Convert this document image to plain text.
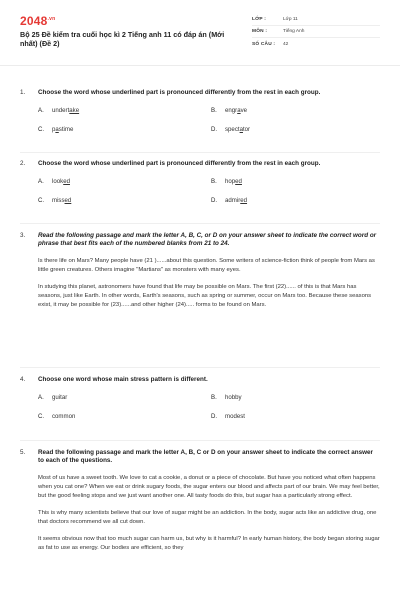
$2048^{.vn}$
Bộ 25 Đề kiểm tra cuối học kì 2 Tiếng anh 11 có đáp án (Mới nhất) (Đề 2)
LỚP :	Lớp 11
MÔN :	Tiếng Anh
SỐ CÂU :	42
1.	Choose the word whose underlined part is pronounced differently from the rest in each group.
A.	undertake	B.	engrave
C.	pastime	D.	spectator
2.	Choose the word whose underlined part is pronounced differently from the rest in each group.
A.	looked	B.	hoped
C.	missed	D.	admired
3.	Read the following passage and mark the letter A, B, C, or D on your answer sheet to indicate the correct word or phrase that best fits each of the numbered blanks from 21 to 24.
Is there life on Mars? Many people have (21 )......about this question. Some writers of science-fiction think of people from Mars as little green creatures. Others imagine "Martians" as monsters with many eyes.
In studying this planet, astronomers have found that life may be possible on Mars. The first (22)...... of this is that Mars has seasons, just like Earth. In other words, Earth's seasons, such as spring or summer, occur on Mars too. Because these seasons exist, it may be possible for (23)......and other higher (24)..... forms to be found on Mars.
4.	Choose one word whose main stress pattern is different.
A.	guitar	B.	hobby
C.	common	D.	modest
5.	Read the following passage and mark the letter A, B, C or D on your answer sheet to indicate the correct answer to each of the questions.
Most of us have a sweet tooth. We love to cat a cookie, a donut or a piece of chocolate. But have you noticed what often happens when you cat one? When we eat or drink sugary foods, the sugar enters our blood and affects part of our brain. We may feel better, but the good feeling stops and we just want another one. All tasty foods do this, but sugar has a particularly strong effect.
This is why many scientists believe that our love of sugar might be an addiction. In the body, sugar acts like an addictive drug, one that doctors recommend we all cut down.
It seems obvious now that too much sugar can harm us, but why is it harmful? In early human history, the body began storing sugar as fat to use as energy. Our bodies are efficient, so they
